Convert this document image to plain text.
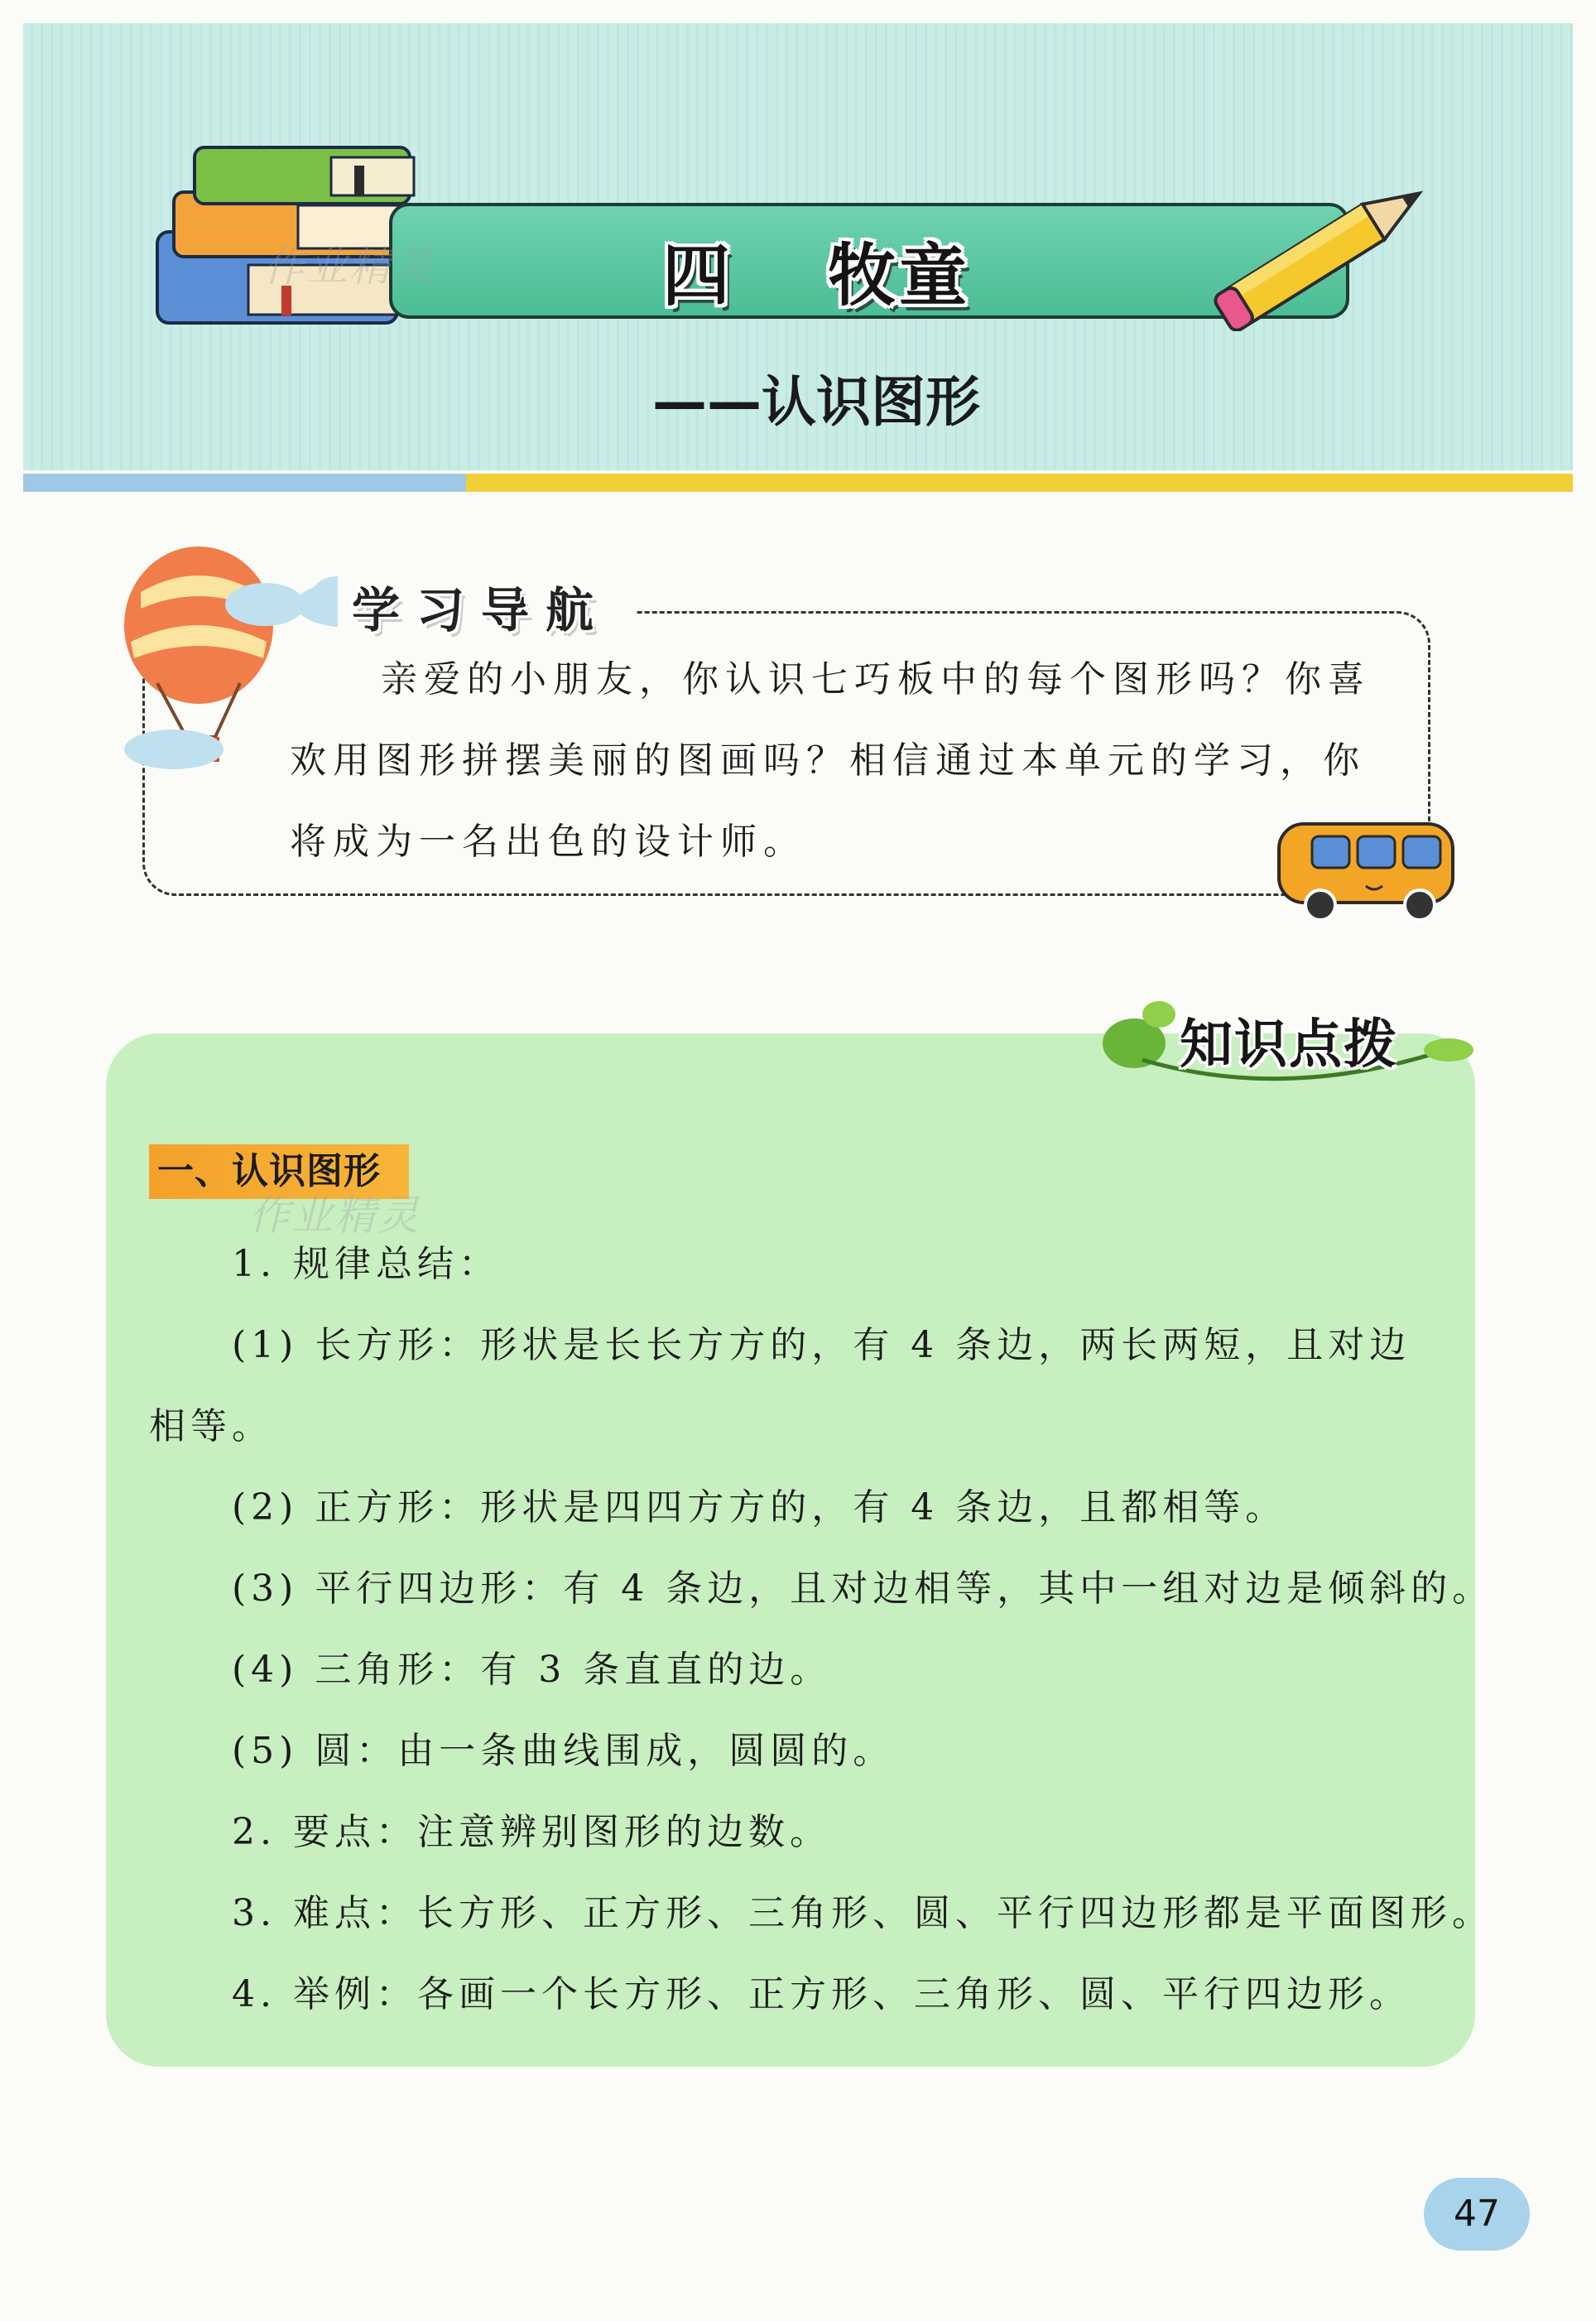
四 牧童
——认识图形
作业精灵
学习导航
亲爱的小朋友，你认识七巧板中的每个图形吗？你喜
欢用图形拼摆美丽的图画吗？相信通过本单元的学习，你
将成为一名出色的设计师。
知识点拨
一、认识图形
作业精灵
1. 规律总结：
(1) 长方形：形状是长长方方的，有 4 条边，两长两短，且对边
相等。
(2) 正方形：形状是四四方方的，有 4 条边，且都相等。
(3) 平行四边形：有 4 条边，且对边相等，其中一组对边是倾斜的。
(4) 三角形：有 3 条直直的边。
(5) 圆：由一条曲线围成，圆圆的。
2. 要点：注意辨别图形的边数。
3. 难点：长方形、正方形、三角形、圆、平行四边形都是平面图形。
4. 举例：各画一个长方形、正方形、三角形、圆、平行四边形。
47
